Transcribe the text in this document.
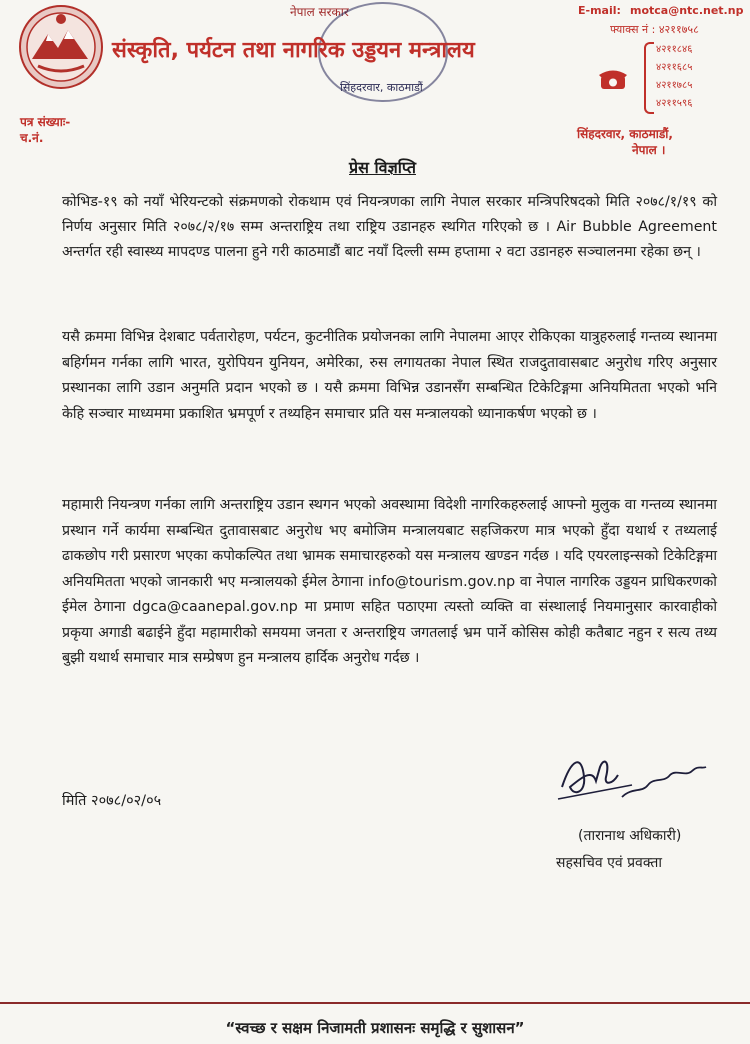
नेपाल सरकार
सिंहदरवार, काठमाडौं
संस्कृति, पर्यटन तथा नागरिक उड्डयन मन्त्रालय
E-mail: motca@ntc.net.np
फ्याक्स नं : ४२११७५८
४२११८४६
४२११६८५
४२११७८५
४२११५९६
सिंहदरवार, काठमाडौं,
नेपाल ।
पत्र संख्याः-
च.नं.
प्रेस विज्ञप्ति

कोभिड-१९ को नयाँ भेरियन्टको संक्रमणको रोकथाम एवं नियन्त्रणका लागि नेपाल सरकार मन्त्रिपरिषदको मिति २०७८/१/१९ को निर्णय अनुसार मिति २०७८/२/१७ सम्म अन्तराष्ट्रिय तथा राष्ट्रिय उडानहरु स्थगित गरिएको छ । Air Bubble Agreement अन्तर्गत रही स्वास्थ्य मापदण्ड पालना हुने गरी काठमाडौं बाट नयाँ दिल्ली सम्म हप्तामा २ वटा उडानहरु सञ्चालनमा रहेका छन् ।

यसै क्रममा विभिन्न देशबाट पर्वतारोहण, पर्यटन, कुटनीतिक प्रयोजनका लागि नेपालमा आएर रोकिएका यात्रुहरुलाई गन्तव्य स्थानमा बहिर्गमन गर्नका लागि भारत, युरोपियन युनियन, अमेरिका, रुस लगायतका नेपाल स्थित राजदुतावासबाट अनुरोध गरिए अनुसार प्रस्थानका लागि उडान अनुमति प्रदान भएको छ । यसै क्रममा विभिन्न उडानसँग सम्बन्धित टिकेटिङ्गमा अनियमितता भएको भनि केहि सञ्चार माध्यममा प्रकाशित भ्रमपूर्ण र तथ्यहिन समाचार प्रति यस मन्त्रालयको ध्यानाकर्षण भएको छ ।

महामारी नियन्त्रण गर्नका लागि अन्तराष्ट्रिय उडान स्थगन भएको अवस्थामा विदेशी नागरिकहरुलाई आफ्नो मुलुक वा गन्तव्य स्थानमा प्रस्थान गर्ने कार्यमा सम्बन्धित दुतावासबाट अनुरोध भए बमोजिम मन्त्रालयबाट सहजिकरण मात्र भएकाे हुँदा यथार्थ र तथ्यलाई ढाकछोप गरी प्रसारण भएका कपोकल्पित तथा भ्रामक समाचारहरुको यस मन्त्रालय खण्डन गर्दछ । यदि एयरलाइन्सको टिकेटिङ्गमा अनियमितता भएको जानकारी भए मन्त्रालयको ईमेल ठेगाना info@tourism.gov.np वा नेपाल नागरिक उड्डयन प्राधिकरणको ईमेल ठेगाना dgca@caanepal.gov.np मा प्रमाण सहित पठाएमा त्यस्तो व्यक्ति वा संस्थालाई नियमानुसार कारवाहीको प्रकृया अगाडी बढाईने हुँदा महामारीको समयमा जनता र अन्तराष्ट्रिय जगतलाई भ्रम पार्ने कोसिस कोही कतैबाट नहुन र सत्य तथ्य बुझी यथार्थ समाचार मात्र सम्प्रेषण हुन मन्त्रालय हार्दिक अनुरोध गर्दछ ।

मिति २०७८/०२/०५
(तारानाथ अधिकारी)
सहसचिव एवं प्रवक्ता
“स्वच्छ र सक्षम निजामती प्रशासनः समृद्धि र सुशासन”
